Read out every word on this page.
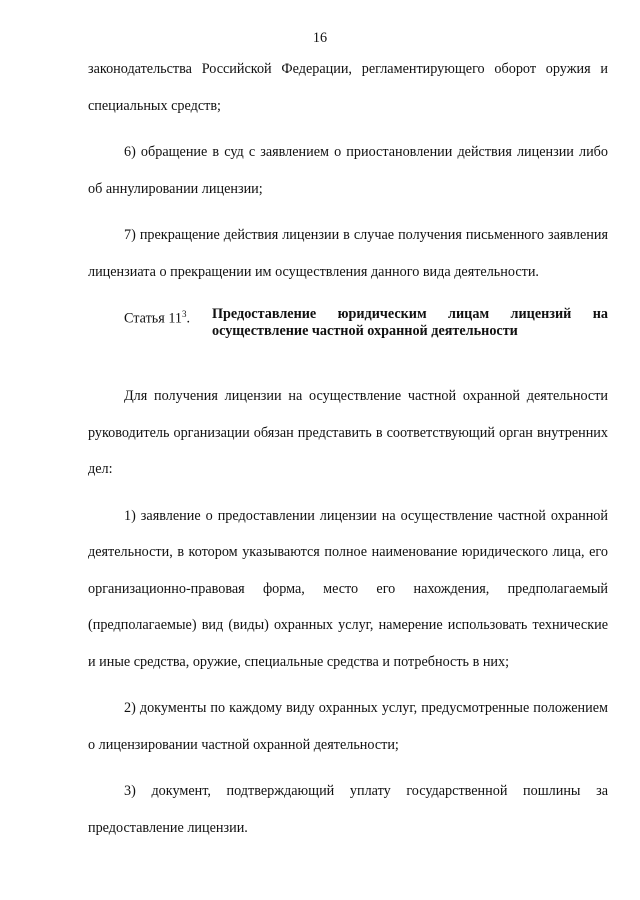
16

законодательства Российской Федерации, регламентирующего оборот оружия и специальных средств;

6) обращение в суд с заявлением о приостановлении действия лицензии либо об аннулировании лицензии;

7) прекращение действия лицензии в случае получения письменного заявления лицензиата о прекращении им осуществления данного вида деятельности.

Статья $11^3$.	Предоставление юридическим лицам лицензий на осуществление частной охранной деятельности

Для получения лицензии на осуществление частной охранной деятельности руководитель организации обязан представить в соответствующий орган внутренних дел:

1) заявление о предоставлении лицензии на осуществление частной охранной деятельности, в котором указываются полное наименование юридического лица, его организационно-правовая форма, место его нахождения, предполагаемый (предполагаемые) вид (виды) охранных услуг, намерение использовать технические и иные средства, оружие, специальные средства и потребность в них;

2) документы по каждому виду охранных услуг, предусмотренные положением о лицензировании частной охранной деятельности;

3) документ, подтверждающий уплату государственной пошлины за предоставление лицензии.
